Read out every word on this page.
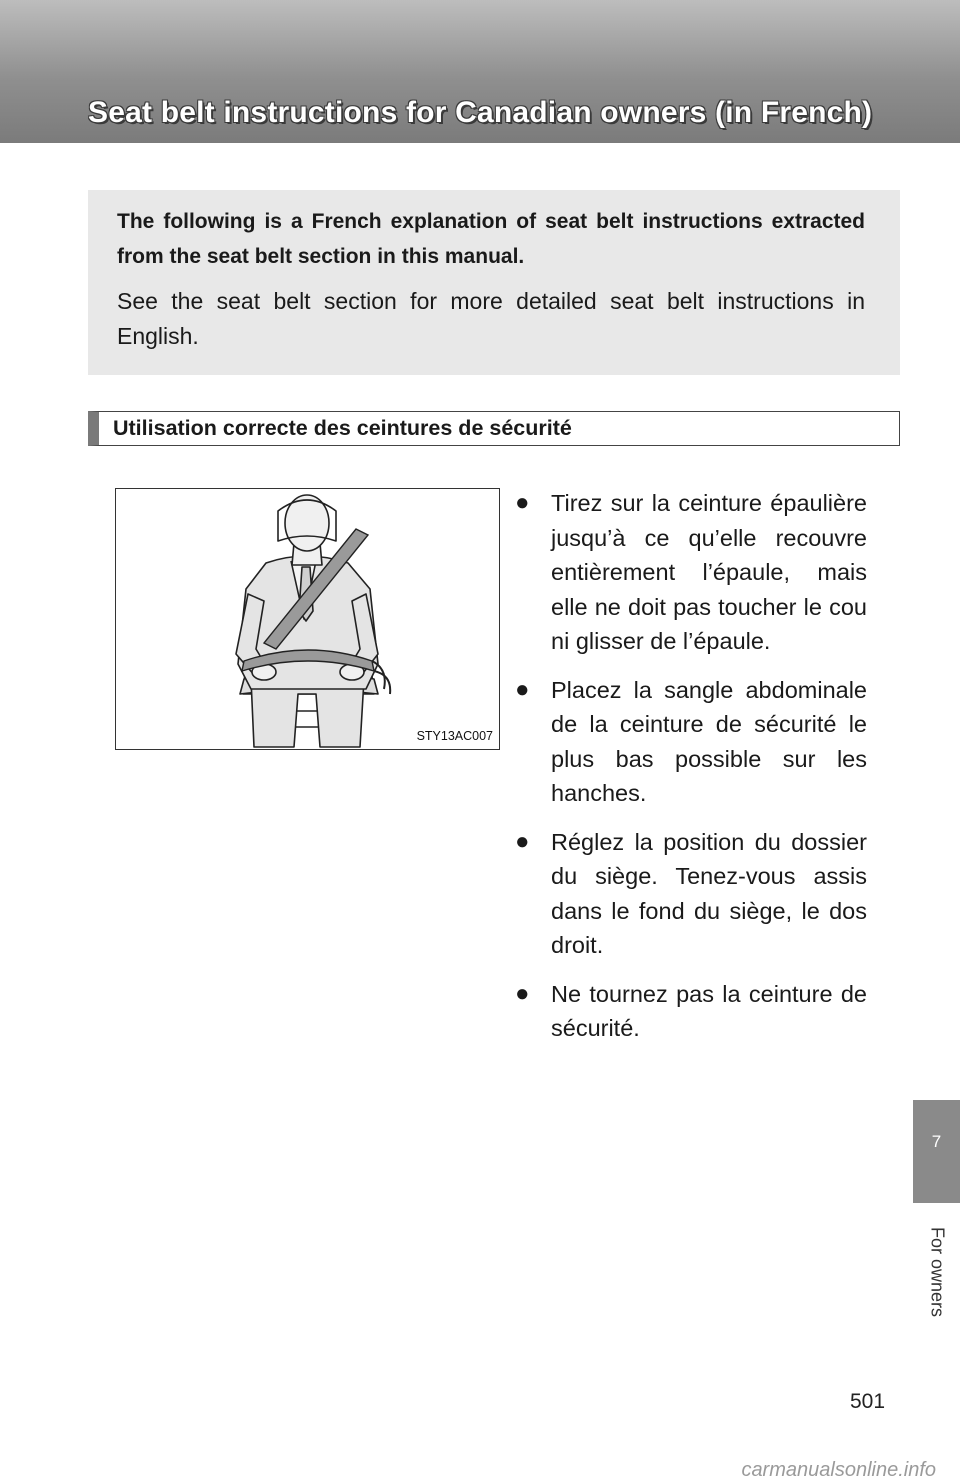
Seat belt instructions for Canadian owners (in French)

The following is a French explanation of seat belt instructions extracted from the seat belt section in this manual.

See the seat belt section for more detailed seat belt instructions in English.

Utilisation correcte des ceintures de sécurité
STY13AC007
● Tirez sur la ceinture épaulière jusqu’à ce qu’elle recouvre entièrement l’épaule, mais elle ne doit pas toucher le cou ni glisser de l’épaule.
● Placez la sangle abdominale de la ceinture de sécurité le plus bas possible sur les hanches.
● Réglez la position du dossier du siège. Tenez-vous assis dans le fond du siège, le dos droit.
● Ne tournez pas la ceinture de sécurité.
7
For owners
501
carmanualsonline.info
